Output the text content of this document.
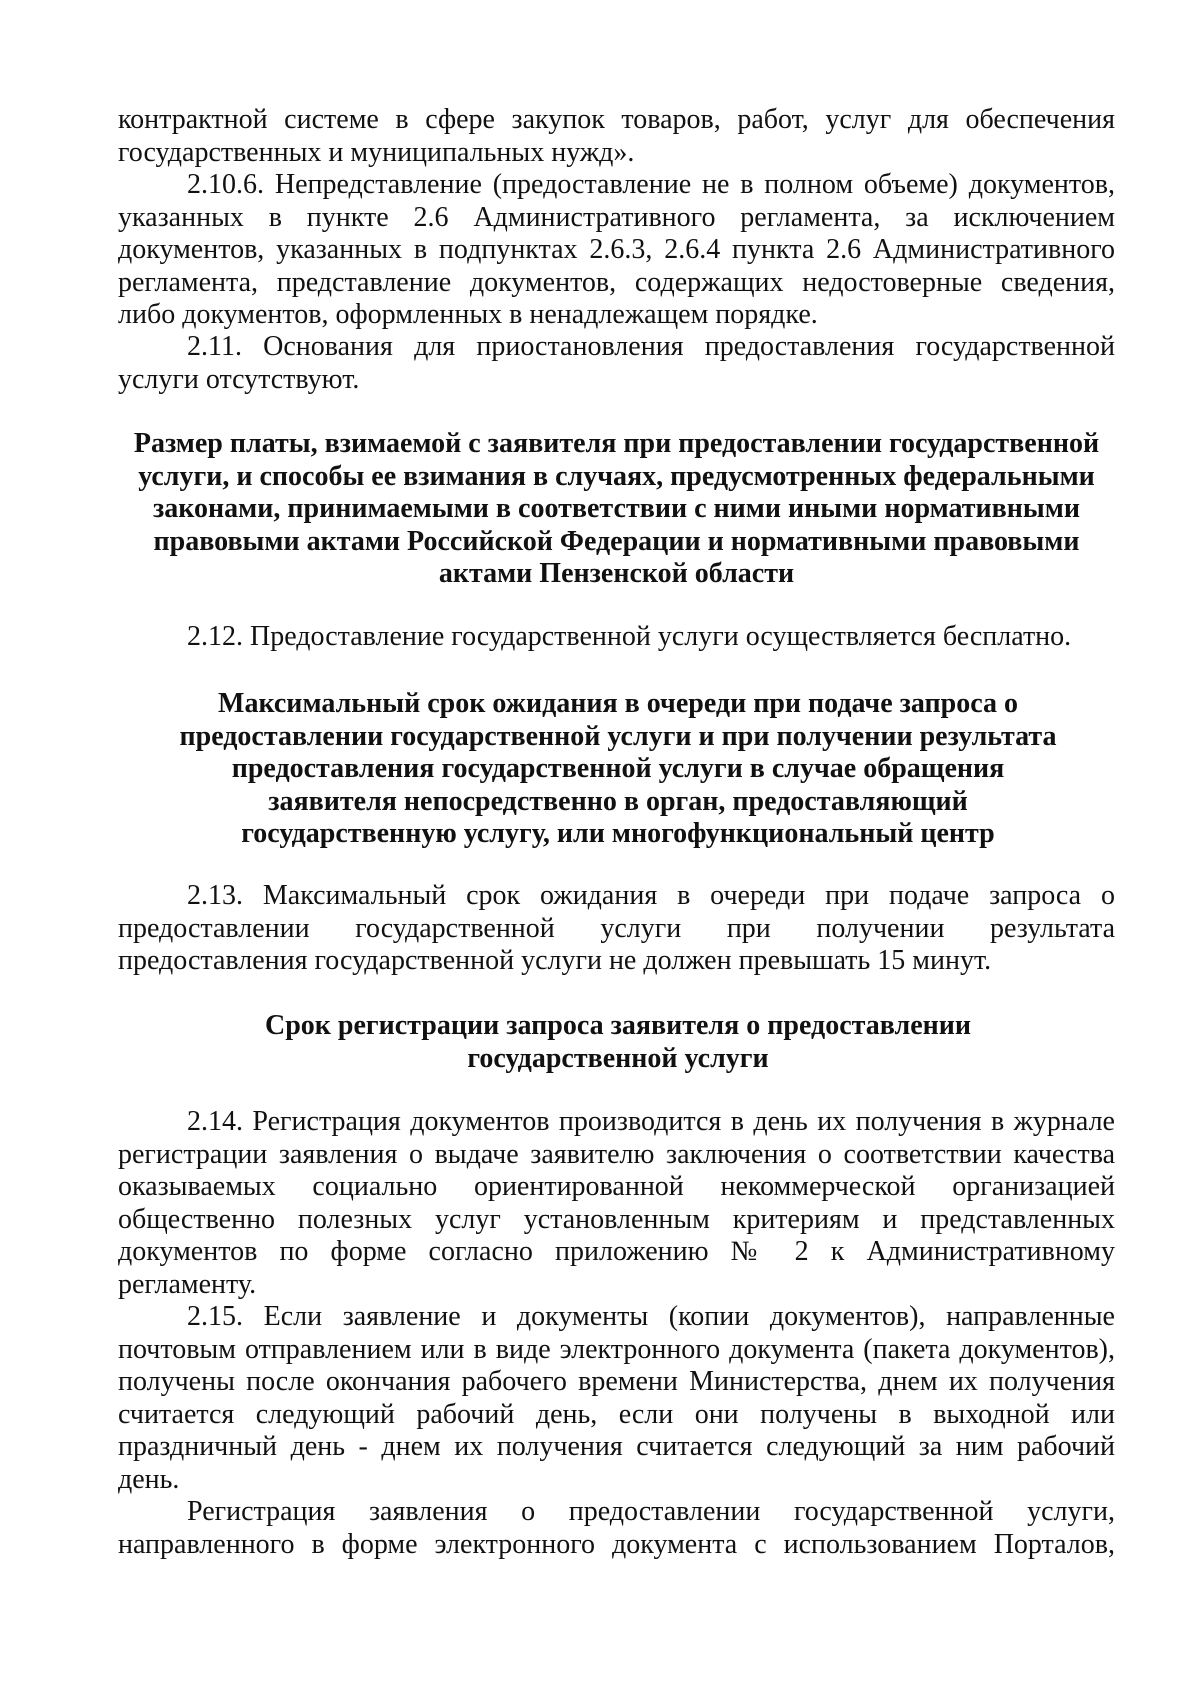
контрактной системе в сфере закупок товаров, работ, услуг для обеспечения государственных и муниципальных нужд».

2.10.6. Непредставление (предоставление не в полном объеме) документов, указанных в пункте 2.6 Административного регламента, за исключением документов, указанных в подпунктах 2.6.3, 2.6.4 пункта 2.6 Административного регламента, представление документов, содержащих недостоверные сведения, либо документов, оформленных в ненадлежащем порядке.

2.11. Основания для приостановления предоставления государственной услуги отсутствуют.

Размер платы, взимаемой с заявителя при предоставлении государственной услуги, и способы ее взимания в случаях, предусмотренных федеральными законами, принимаемыми в соответствии с ними иными нормативными правовыми актами Российской Федерации и нормативными правовыми актами Пензенской области

2.12. Предоставление государственной услуги осуществляется бесплатно.

Максимальный срок ожидания в очереди при подаче запроса о предоставлении государственной услуги и при получении результата предоставления государственной услуги в случае обращения заявителя непосредственно в орган, предоставляющий государственную услугу, или многофункциональный центр

2.13. Максимальный срок ожидания в очереди при подаче запроса о предоставлении государственной услуги при получении результата предоставления государственной услуги не должен превышать 15 минут.

Срок регистрации запроса заявителя о предоставлении государственной услуги

2.14. Регистрация документов производится в день их получения в журнале регистрации заявления о выдаче заявителю заключения о соответствии качества оказываемых социально ориентированной некоммерческой организацией общественно полезных услуг установленным критериям и представленных документов по форме согласно приложению № 2 к Административному регламенту.

2.15. Если заявление и документы (копии документов), направленные почтовым отправлением или в виде электронного документа (пакета документов), получены после окончания рабочего времени Министерства, днем их получения считается следующий рабочий день, если они получены в выходной или праздничный день - днем их получения считается следующий за ним рабочий день.

Регистрация заявления о предоставлении государственной услуги, направленного в форме электронного документа с использованием Порталов,
